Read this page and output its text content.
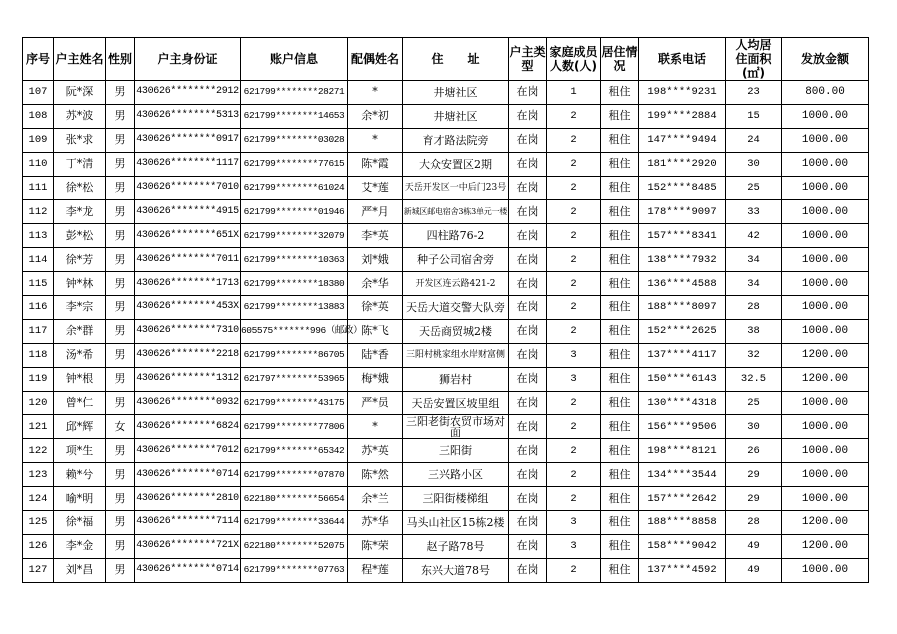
序号	户主姓名	性别	户主身份证	账户信息	配偶姓名	住　　址	户主类型	家庭成员人数(人)	居住情况	联系电话	人均居　住面积(㎡)	发放金额
107	阮*深	男	430626********2912	621799********28271	*	井塘社区	在岗	1	租住	198****9231	23	800.00
108	苏*波	男	430626********5313	621799********14653	余*初	井塘社区	在岗	2	租住	199****2884	15	1000.00
109	张*求	男	430626********0917	621799********03028	*	育才路法院旁	在岗	2	租住	147****9494	24	1000.00
110	丁*清	男	430626********1117	621799********77615	陈*霞	大众安置区2期	在岗	2	租住	181****2920	30	1000.00
111	徐*松	男	430626********7010	621799********61024	艾*莲	天岳开发区一中后门23号	在岗	2	租住	152****8485	25	1000.00
112	李*龙	男	430626********4915	621799********01946	严*月	新城区邮电宿舍3栋3单元一楼	在岗	2	租住	178****9097	33	1000.00
113	彭*松	男	430626********651X	621799********32079	李*英	四柱路76-2	在岗	2	租住	157****8341	42	1000.00
114	徐*芳	男	430626********7011	621799********10363	刘*娥	种子公司宿舍旁	在岗	2	租住	138****7932	34	1000.00
115	钟*林	男	430626********1713	621799********18380	余*华	开发区连云路421-2	在岗	2	租住	136****4588	34	1000.00
116	李*宗	男	430626********453X	621799********13883	徐*英	天岳大道交警大队旁	在岗	2	租住	188****8097	28	1000.00
117	余*群	男	430626********7310	605575*******996（邮政）	陈*飞	天岳商贸城2楼	在岗	2	租住	152****2625	38	1000.00
118	汤*希	男	430626********2218	621799********86705	陆*香	三阳村桃家组水岸财富侧	在岗	3	租住	137****4117	32	1200.00
119	钟*根	男	430626********1312	621797********53965	梅*娥	狮岩村	在岗	3	租住	150****6143	32.5	1200.00
120	曾*仁	男	430626********0932	621799********43175	严*员	天岳安置区坡里组	在岗	2	租住	130****4318	25	1000.00
121	邱*辉	女	430626********6824	621799********77806	*	三阳老街农贸市场对面	在岗	2	租住	156****9506	30	1000.00
122	项*生	男	430626********7012	621799********65342	苏*英	三阳街	在岗	2	租住	198****8121	26	1000.00
123	赖*兮	男	430626********0714	621799********07870	陈*然	三兴路小区	在岗	2	租住	134****3544	29	1000.00
124	喻*明	男	430626********2810	622180********56654	余*兰	三阳街楼梯组	在岗	2	租住	157****2642	29	1000.00
125	徐*福	男	430626********7114	621799********33644	苏*华	马头山社区15栋2楼	在岗	3	租住	188****8858	28	1200.00
126	李*金	男	430626********721X	622180********52075	陈*荣	赵子路78号	在岗	3	租住	158****9042	49	1200.00
127	刘*昌	男	430626********0714	621799********07763	程*莲	东兴大道78号	在岗	2	租住	137****4592	49	1000.00
